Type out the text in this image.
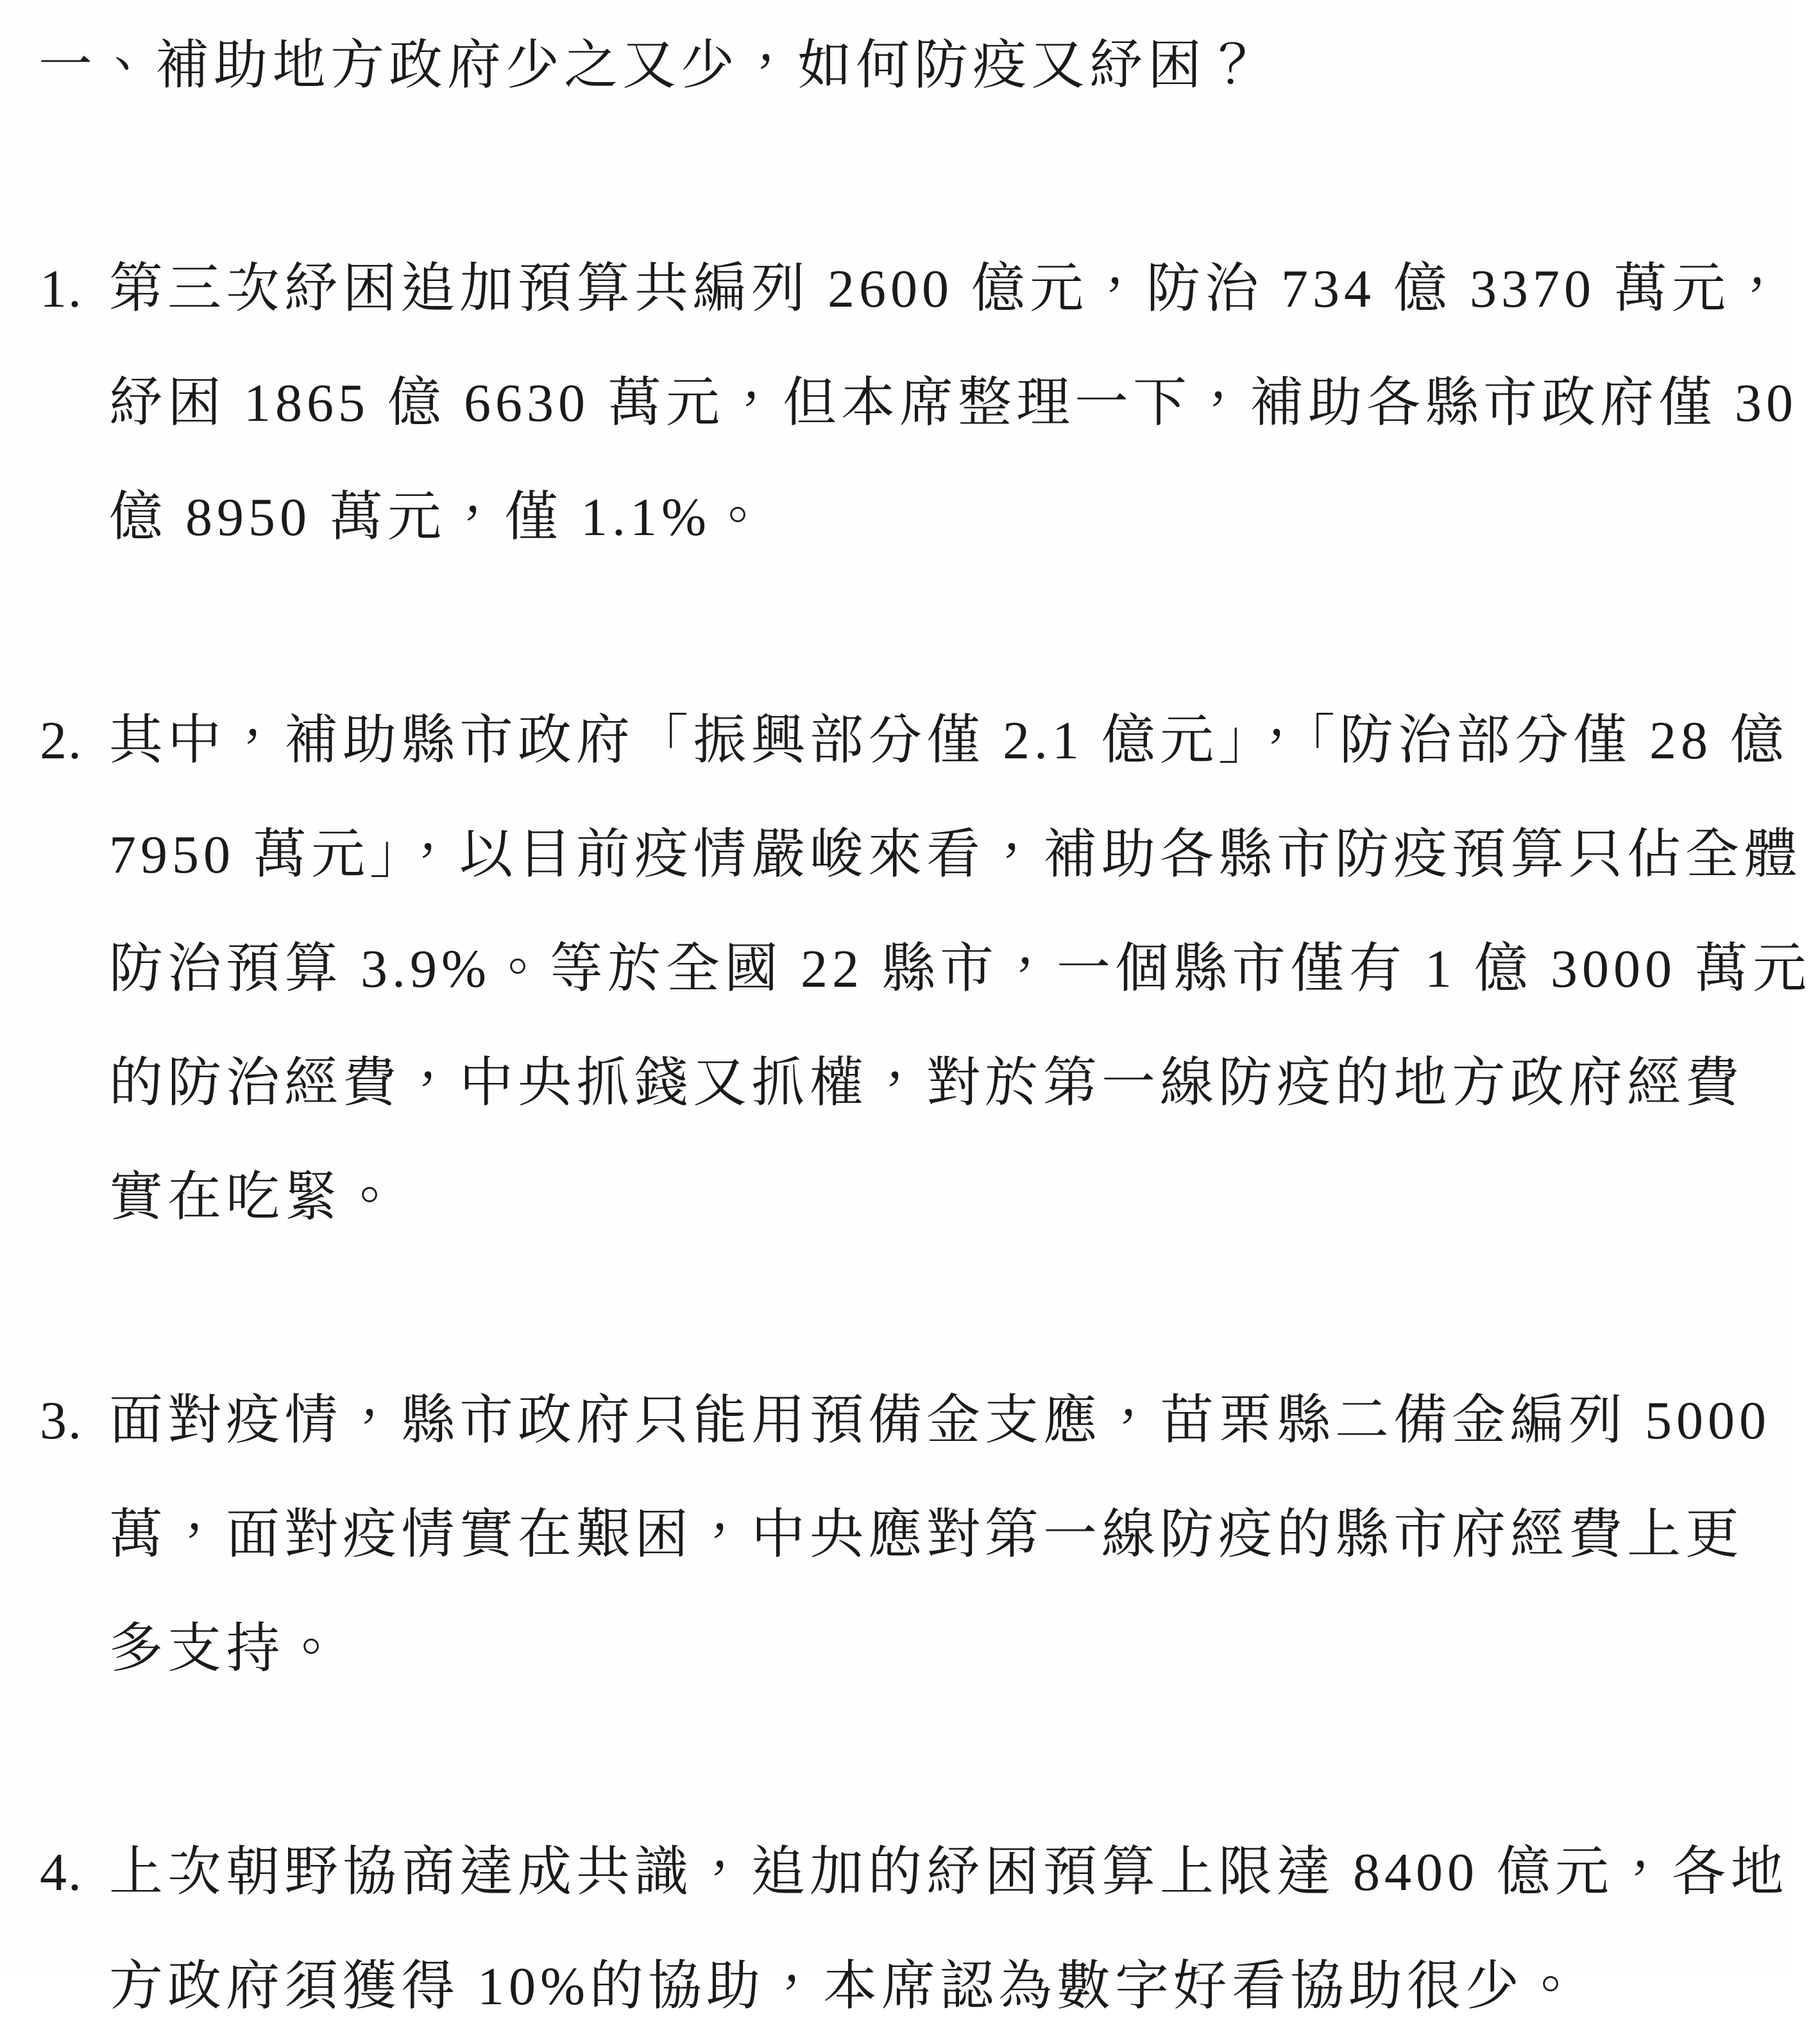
一、補助地方政府少之又少，如何防疫又紓困？
1. 第三次紓困追加預算共編列 2600 億元，防治 734 億 3370 萬元，
紓困 1865 億 6630 萬元，但本席整理一下，補助各縣市政府僅 30
億 8950 萬元，僅 1.1%。
2. 其中，補助縣市政府「振興部分僅 2.1 億元」，「防治部分僅 28 億
7950 萬元」，以目前疫情嚴峻來看，補助各縣市防疫預算只佔全體
防治預算 3.9%。等於全國 22 縣市，一個縣市僅有 1 億 3000 萬元
的防治經費，中央抓錢又抓權，對於第一線防疫的地方政府經費
實在吃緊。
3. 面對疫情，縣市政府只能用預備金支應，苗栗縣二備金編列 5000
萬，面對疫情實在艱困，中央應對第一線防疫的縣市府經費上更
多支持。
4. 上次朝野協商達成共識，追加的紓困預算上限達 8400 億元，各地
方政府須獲得 10%的協助，本席認為數字好看協助很少。
